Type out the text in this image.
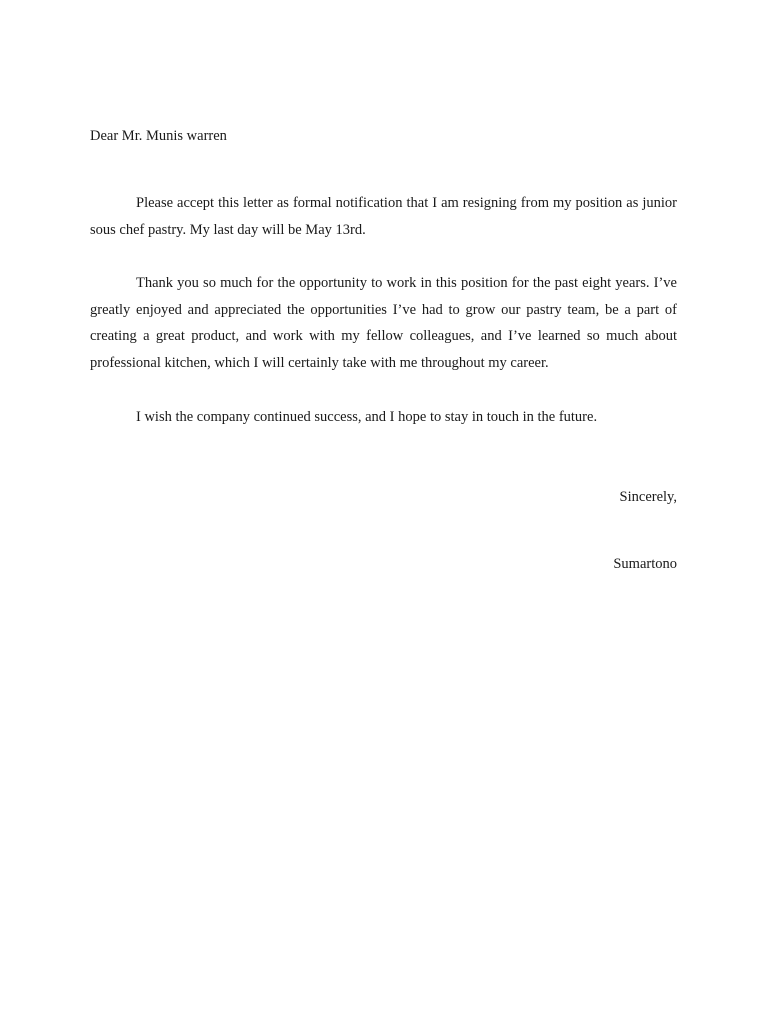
Dear Mr. Munis warren

Please accept this letter as formal notification that I am resigning from my position as junior sous chef pastry. My last day will be May 13rd.

Thank you so much for the opportunity to work in this position for the past eight years. I’ve greatly enjoyed and appreciated the opportunities I’ve had to grow our pastry team, be a part of creating a great product, and work with my fellow colleagues, and I’ve learned so much about professional kitchen, which I will certainly take with me throughout my career.

I wish the company continued success, and I hope to stay in touch in the future.

Sincerely,
Sumartono
